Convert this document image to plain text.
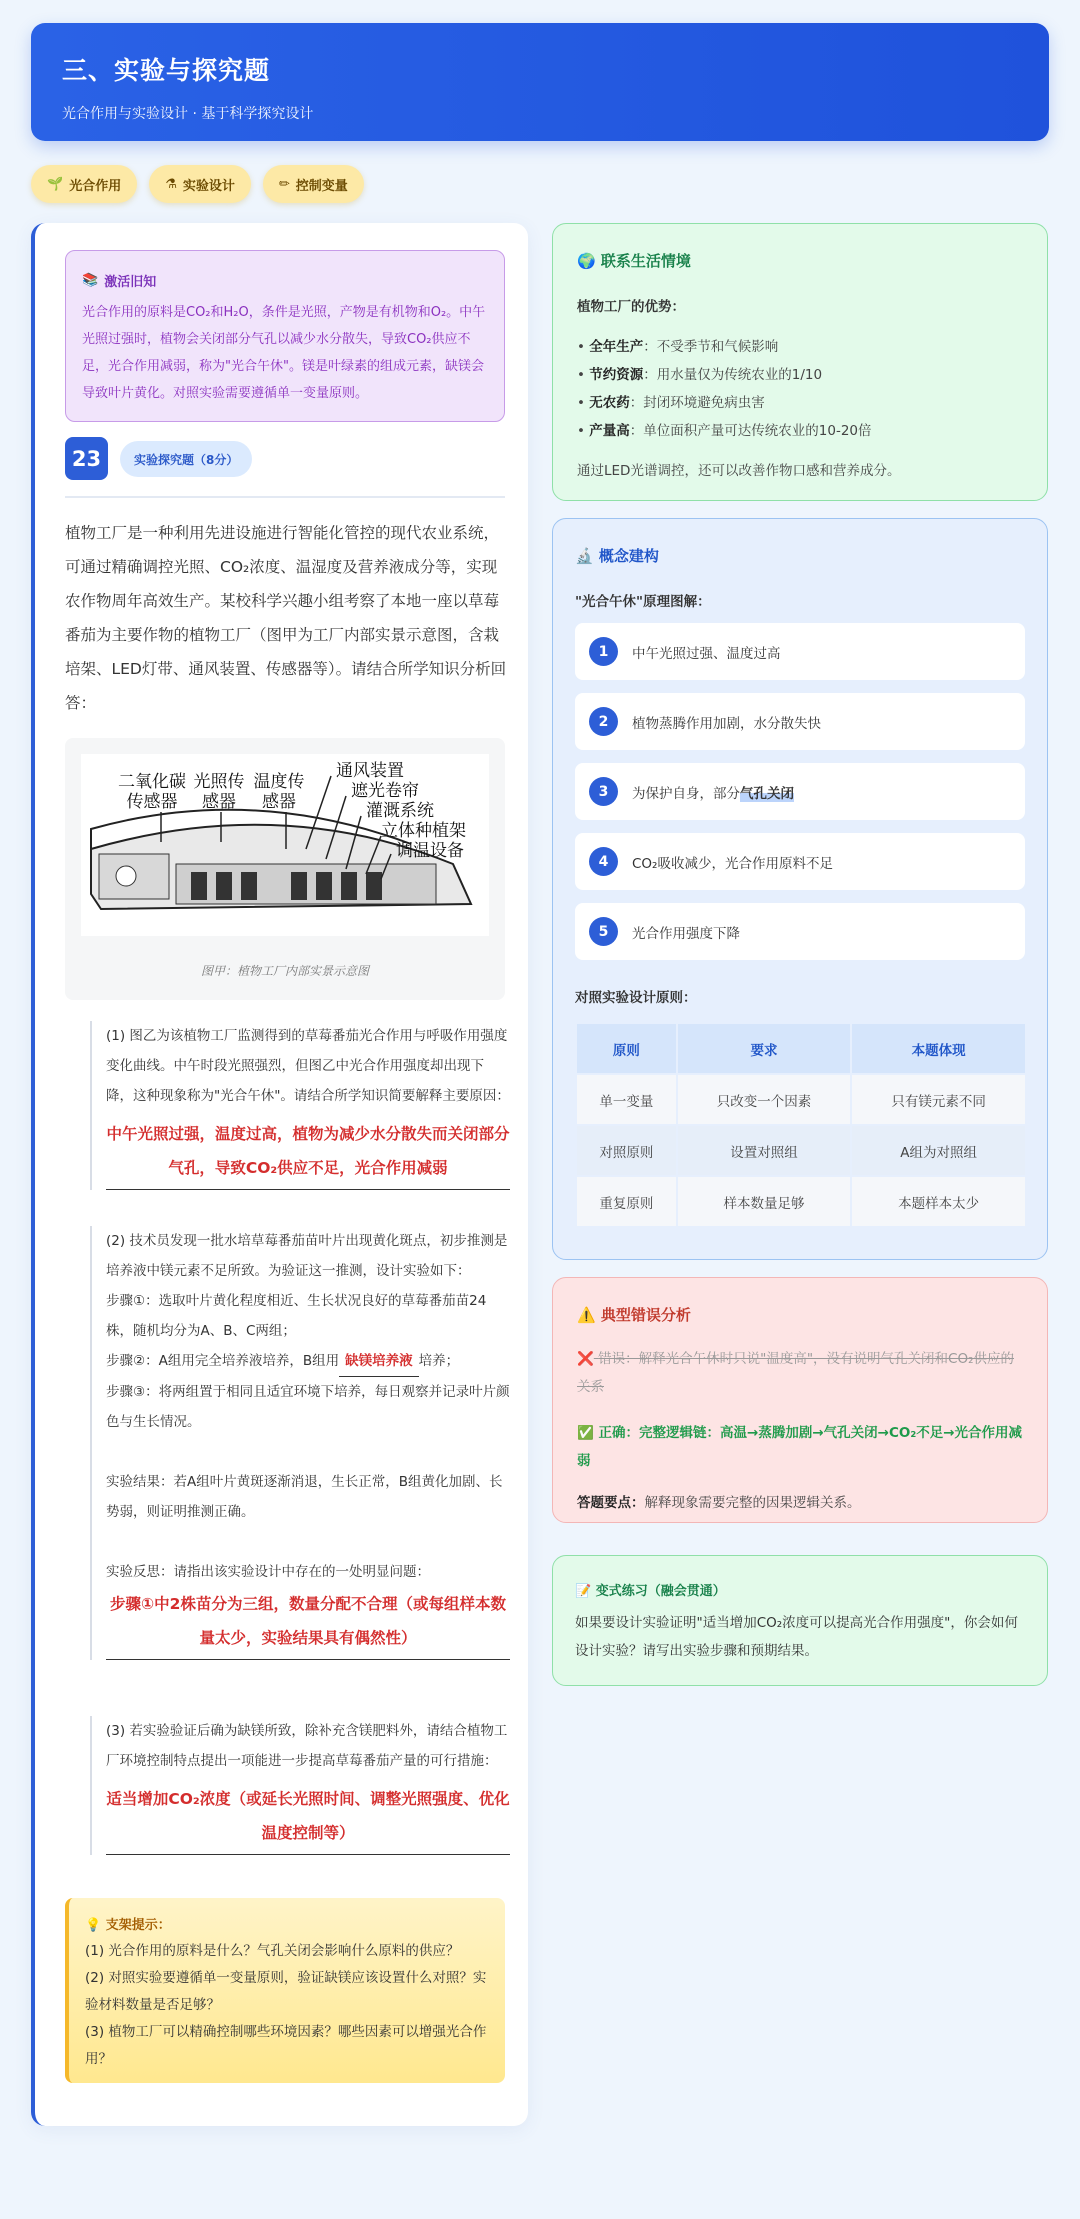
三、实验与探究题
光合作用与实验设计 · 基于科学探究设计
🌱 光合作用	⚗ 实验设计	✏ 控制变量
📚 激活旧知
光合作用的原料是CO₂和H₂O，条件是光照，产物是有机物和O₂。中午光照过强时，植物会关闭部分气孔以减少水分散失，导致CO₂供应不足，光合作用减弱，称为"光合午休"。镁是叶绿素的组成元素，缺镁会导致叶片黄化。对照实验需要遵循单一变量原则。
23	实验探究题（8分）
植物工厂是一种利用先进设施进行智能化管控的现代农业系统，可通过精确调控光照、CO₂浓度、温湿度及营养液成分等，实现农作物周年高效生产。某校科学兴趣小组考察了本地一座以草莓番茄为主要作物的植物工厂（图甲为工厂内部实景示意图，含栽培架、LED灯带、通风装置、传感器等）。请结合所学知识分析回答：
二氧化碳传感器
光照传感器
温度传感器
通风装置
遮光卷帘
灌溉系统
立体种植架
调温设备
图甲：植物工厂内部实景示意图
(1) 图乙为该植物工厂监测得到的草莓番茄光合作用与呼吸作用强度变化曲线。中午时段光照强烈，但图乙中光合作用强度却出现下降，这种现象称为"光合午休"。请结合所学知识简要解释主要原因：
中午光照过强，温度过高，植物为减少水分散失而关闭部分气孔，导致CO₂供应不足，光合作用减弱
(2) 技术员发现一批水培草莓番茄苗叶片出现黄化斑点，初步推测是培养液中镁元素不足所致。为验证这一推测，设计实验如下：
步骤①：选取叶片黄化程度相近、生长状况良好的草莓番茄苗24株，随机均分为A、B、C两组；
步骤②：A组用完全培养液培养，B组用 缺镁培养液 培养；
步骤③：将两组置于相同且适宜环境下培养，每日观察并记录叶片颜色与生长情况。
实验结果：若A组叶片黄斑逐渐消退，生长正常，B组黄化加剧、长势弱，则证明推测正确。
实验反思：请指出该实验设计中存在的一处明显问题：
步骤①中2株苗分为三组，数量分配不合理（或每组样本数量太少，实验结果具有偶然性）
(3) 若实验验证后确为缺镁所致，除补充含镁肥料外，请结合植物工厂环境控制特点提出一项能进一步提高草莓番茄产量的可行措施：
适当增加CO₂浓度（或延长光照时间、调整光照强度、优化温度控制等）
💡 支架提示：
(1) 光合作用的原料是什么？气孔关闭会影响什么原料的供应？
(2) 对照实验要遵循单一变量原则，验证缺镁应该设置什么对照？实验材料数量是否足够？
(3) 植物工厂可以精确控制哪些环境因素？哪些因素可以增强光合作用？
🌍 联系生活情境
植物工厂的优势：
• 全年生产：不受季节和气候影响
• 节约资源：用水量仅为传统农业的1/10
• 无农药：封闭环境避免病虫害
• 产量高：单位面积产量可达传统农业的10-20倍
通过LED光谱调控，还可以改善作物口感和营养成分。
🔬 概念建构
"光合午休"原理图解：
1	中午光照过强、温度过高
2	植物蒸腾作用加剧，水分散失快
3	为保护自身，部分 气孔关闭
4	CO₂吸收减少，光合作用原料不足
5	光合作用强度下降
对照实验设计原则：
原则	要求	本题体现
单一变量	只改变一个因素	只有镁元素不同
对照原则	设置对照组	A组为对照组
重复原则	样本数量足够	本题样本太少
⚠️ 典型错误分析
❌ 错误：解释光合午休时只说"温度高"，没有说明气孔关闭和CO₂供应的关系
✅ 正确：完整逻辑链：高温→蒸腾加剧→气孔关闭→CO₂不足→光合作用减弱
答题要点：解释现象需要完整的因果逻辑关系。
📝 变式练习（融会贯通）
如果要设计实验证明"适当增加CO₂浓度可以提高光合作用强度"，你会如何设计实验？请写出实验步骤和预期结果。
